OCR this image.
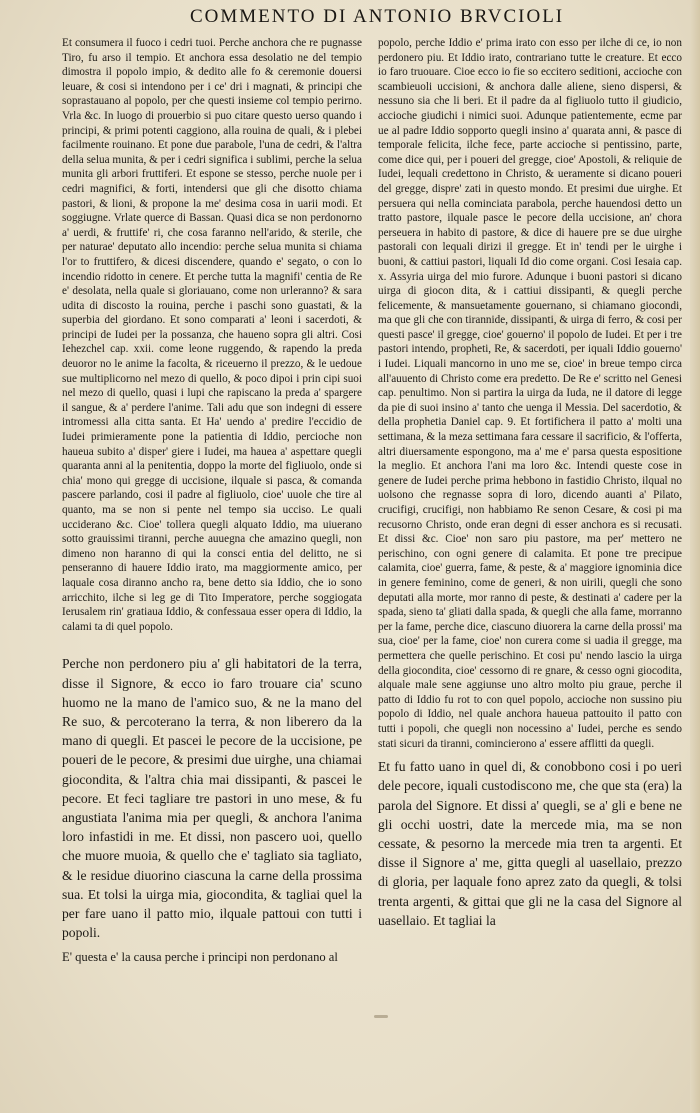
COMMENTO DI ANTONIO BRVCIOLI

Et consumera il fuoco i cedri tuoi. Perche anchora che re pugnasse Tiro, fu arso il tempio. Et anchora essa desolatio ne del tempio dimostra il popolo impio, & dedito alle fo & ceremonie douersi leuare, & cosi si intendono per i ce' dri i magnati, & principi che soprastauano al popolo, per che questi insieme col tempio perirno. Vrla &c. In luogo di prouerbio si puo citare questo uerso quando i principi, & primi potenti caggiono, alla rouina de quali, & i plebei facilmente rouinano. Et pone due parabole, l'una de cedri, & l'altra della selua munita, & per i cedri significa i sublimi, perche la selua munita gli arbori fruttiferi. Et espone se stesso, perche nuole per i cedri magnifici, & forti, intendersi que gli che disotto chiama pastori, & lioni, & propone la me' desima cosa in uarii modi. Et soggiugne. Vrlate querce di Bassan. Quasi dica se non perdonorno a' uerdi, & fruttife' ri, che cosa faranno nell'arido, & sterile, che per naturae' deputato allo incendio: perche selua munita si chiama l'or to fruttifero, & dicesi discendere, quando e' segato, o con lo incendio ridotto in cenere. Et perche tutta la magnifi' centia de Re e' desolata, nella quale si gloriauano, come non urleranno? & sara udita di discosto la rouina, perche i paschi sono guastati, & la superbia del giordano. Et sono comparati a' leoni i sacerdoti, & principi de Iudei per la possanza, che haueno sopra gli altri. Cosi Iehezchel cap. xxii. come leone ruggendo, & rapendo la preda deuoror no le anime la facolta, & riceuerno il prezzo, & le uedoue sue multiplicorno nel mezo di quello, & poco dipoi i prin cipi suoi nel mezo di quello, quasi i lupi che rapiscano la preda a' spargere il sangue, & a' perdere l'anime. Tali adu que son indegni di essere intromessi alla citta santa. Et Ha' uendo a' predire l'eccidio de Iudei primieramente pone la patientia di Iddio, percioche non haueua subito a' disper' giere i Iudei, ma hauea a' aspettare quegli quaranta anni al la penitentia, doppo la morte del figliuolo, onde si chia' mono qui gregge di uccisione, ilquale si pasca, & comanda pascere parlando, cosi il padre al figliuolo, cioe' uuole che tire al quanto, ma se non si pente nel tempo sia ucciso. Le quali ucciderano &c. Cioe' tollera quegli alquato Iddio, ma uiuerano sotto grauissimi tiranni, perche auuegna che amazino quegli, non dimeno non haranno di qui la consci entia del delitto, ne si penseranno di hauere Iddio irato, ma maggiormente amico, per laquale cosa diranno ancho ra, bene detto sia Iddio, che io sono arricchito, ilche si leg ge di Tito Imperatore, perche soggiogata Ierusalem rin' gratiaua Iddio, & confessaua esser opera di Iddio, la calami ta di quel popolo.

Perche non perdonero piu a' gli habitatori de la terra, disse il Signore, & ecco io faro trouare cia' scuno huomo ne la mano de l'amico suo, & ne la mano del Re suo, & percoterano la terra, & non liberero da la mano di quegli. Et pascei le pecore de la uccisione, pe poueri de le pecore, & presimi due uirghe, una chiamai giocondita, & l'altra chia mai dissipanti, & pascei le pecore. Et feci tagliare tre pastori in uno mese, & fu angustiata l'anima mia per quegli, & anchora l'anima loro infastidi in me. Et dissi, non pascero uoi, quello che muore muoia, & quello che e' tagliato sia tagliato, & le residue diuorino ciascuna la carne della prossima sua. Et tolsi la uirga mia, giocondita, & tagliai quel la per fare uano il patto mio, ilquale pattoui con tutti i popoli.

E' questa e' la causa perche i principi non perdonano al

popolo, perche Iddio e' prima irato con esso per ilche di ce, io non perdonero piu. Et Iddio irato, contrariano tutte le creature. Et ecco io faro truouare. Cioe ecco io fie so eccitero seditioni, accioche con scambieuoli uccisioni, & anchora dalle aliene, sieno dispersi, & nessuno sia che li beri. Et il padre da al figliuolo tutto il giudicio, accioche giudichi i nimici suoi. Adunque patientemente, ecme par ue al padre Iddio sopporto quegli insino a' quarata anni, & pasce di temporale felicita, ilche fece, parte accioche si pentissino, parte, come dice qui, per i poueri del gregge, cioe' Apostoli, & reliquie de Iudei, lequali credettono in Christo, & ueramente si dicano poueri del gregge, dispre' zati in questo mondo. Et presimi due uirghe. Et persuera qui nella cominciata parabola, perche hauendosi detto un tratto pastore, ilquale pasce le pecore della uccisione, an' chora perseuera in habito di pastore, & dice di hauere pre se due uirghe pastorali con lequali dirizi il gregge. Et in' tendi per le uirghe i buoni, & cattiui pastori, liquali Id dio come organi. Cosi Iesaia cap. x. Assyria uirga del mio furore. Adunque i buoni pastori si dicano uirga di giocon dita, & i cattiui dissipanti, & quegli perche felicemente, & mansuetamente gouernano, si chiamano giocondi, ma que gli che con tirannide, dissipanti, & uirga di ferro, & cosi per questi pasce' il gregge, cioe' gouerno' il popolo de Iudei. Et per i tre pastori intendo, propheti, Re, & sacerdoti, per iquali Iddio gouerno' i Iudei. Liquali mancorno in uno me se, cioe' in breue tempo circa all'auuento di Christo come era predetto. De Re e' scritto nel Genesi cap. penultimo. Non si partira la uirga da Iuda, ne il datore di legge da pie di suoi insino a' tanto che uenga il Messia. Del sacerdotio, & della prophetia Daniel cap. 9. Et fortifichera il patto a' molti una settimana, & la meza settimana fara cessare il sacrificio, & l'offerta, altri diuersamente espongono, ma a' me e' parsa questa espositione la meglio. Et anchora l'ani ma loro &c. Intendi queste cose in genere de Iudei perche prima hebbono in fastidio Christo, ilqual no uolsono che regnasse sopra di loro, dicendo auanti a' Pilato, crucifigi, crucifigi, non habbiamo Re senon Cesare, & cosi pi ma recusorno Christo, onde eran degni di esser anchora es si recusati. Et dissi &c. Cioe' non saro piu pastore, ma per' mettero ne perischino, con ogni genere di calamita. Et pone tre precipue calamita, cioe' guerra, fame, & peste, & a' maggiore ignominia dice in genere feminino, come de generi, & non uirili, quegli che sono deputati alla morte, mor ranno di peste, & destinati a' cadere per la spada, sieno ta' gliati dalla spada, & quegli che alla fame, morranno per la fame, perche dice, ciascuno diuorera la carne della prossi' ma sua, cioe' per la fame, cioe' non curera come si uadia il gregge, ma permettera che quelle perischino. Et cosi pu' nendo lascio la uirga della giocondita, cioe' cessorno di re gnare, & cesso ogni giocodita, alquale male sene aggiunse uno altro molto piu graue, perche il patto di Iddio fu rot to con quel popolo, accioche non sussino piu popolo di Iddio, nel quale anchora haueua pattouito il patto con tutti i popoli, che quegli non nocessino a' Iudei, perche es sendo stati sicuri da tiranni, comincierono a' essere afflitti da quegli.

Et fu fatto uano in quel di, & conobbono cosi i po ueri dele pecore, iquali custodiscono me, che que sta (era) la parola del Signore. Et dissi a' quegli, se a' gli e bene ne gli occhi uostri, date la mercede mia, ma se non cessate, & pesorno la mercede mia tren ta argenti. Et disse il Signore a' me, gitta quegli al uasellaio, prezzo di gloria, per laquale fono aprez zato da quegli, & tolsi trenta argenti, & gittai que gli ne la casa del Signore al uasellaio. Et tagliai la
